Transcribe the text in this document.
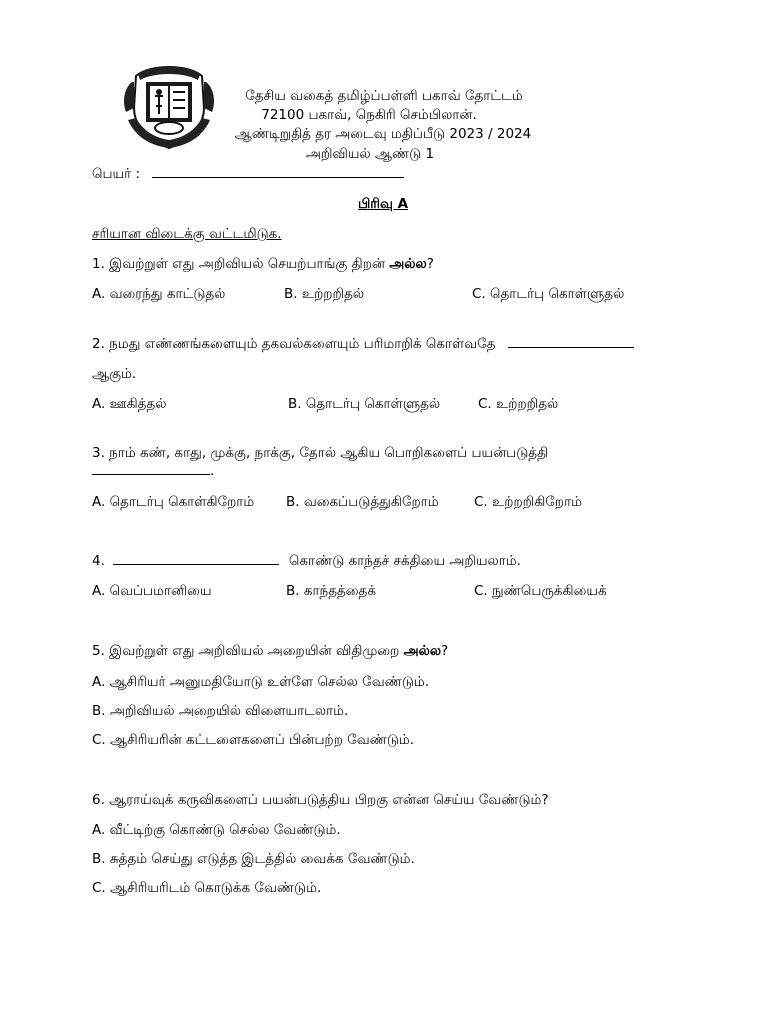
தேசிய வகைத் தமிழ்ப்பள்ளி பகாவ் தோட்டம்
72100 பகாவ், நெகிரி செம்பிலான்.
ஆண்டிறுதித் தர அடைவு மதிப்பீடு 2023 / 2024
அறிவியல் ஆண்டு 1
பெயர் :
பிரிவு A
சரியான விடைக்கு வட்டமிடுக.
1. இவற்றுள் எது அறிவியல் செயற்பாங்கு திறன் அல்ல?
A. வரைந்து காட்டுதல்	B. உற்றறிதல்	C. தொடர்பு கொள்ளுதல்
2. நமது எண்ணங்களையும் தகவல்களையும் பரிமாறிக் கொள்வதே
ஆகும்.
A. ஊகித்தல்	B. தொடர்பு கொள்ளுதல்	C. உற்றறிதல்
3. நாம் கண், காது, முக்கு, நாக்கு, தோல் ஆகிய பொறிகளைப் பயன்படுத்தி
.
A. தொடர்பு கொள்கிறோம் B. வகைப்படுத்துகிறோம்	C. உற்றறிகிறோம்
4.	கொண்டு காந்தச் சக்தியை அறியலாம்.
A. வெப்பமானியை	B. காந்தத்தைக்	C. நுண்பெருக்கியைக்
5. இவற்றுள் எது அறிவியல் அறையின் விதிமுறை அல்ல?
A. ஆசிரியர் அனுமதியோடு உள்ளே செல்ல வேண்டும்.
B. அறிவியல் அறையில் விளையாடலாம்.
C. ஆசிரியரின் கட்டளைகளைப் பின்பற்ற வேண்டும்.
6. ஆராய்வுக் கருவிகளைப் பயன்படுத்திய பிறகு என்ன செய்ய வேண்டும்?
A. வீட்டிற்கு கொண்டு செல்ல வேண்டும்.
B. சுத்தம் செய்து எடுத்த இடத்தில் வைக்க வேண்டும்.
C. ஆசிரியரிடம் கொடுக்க வேண்டும்.
